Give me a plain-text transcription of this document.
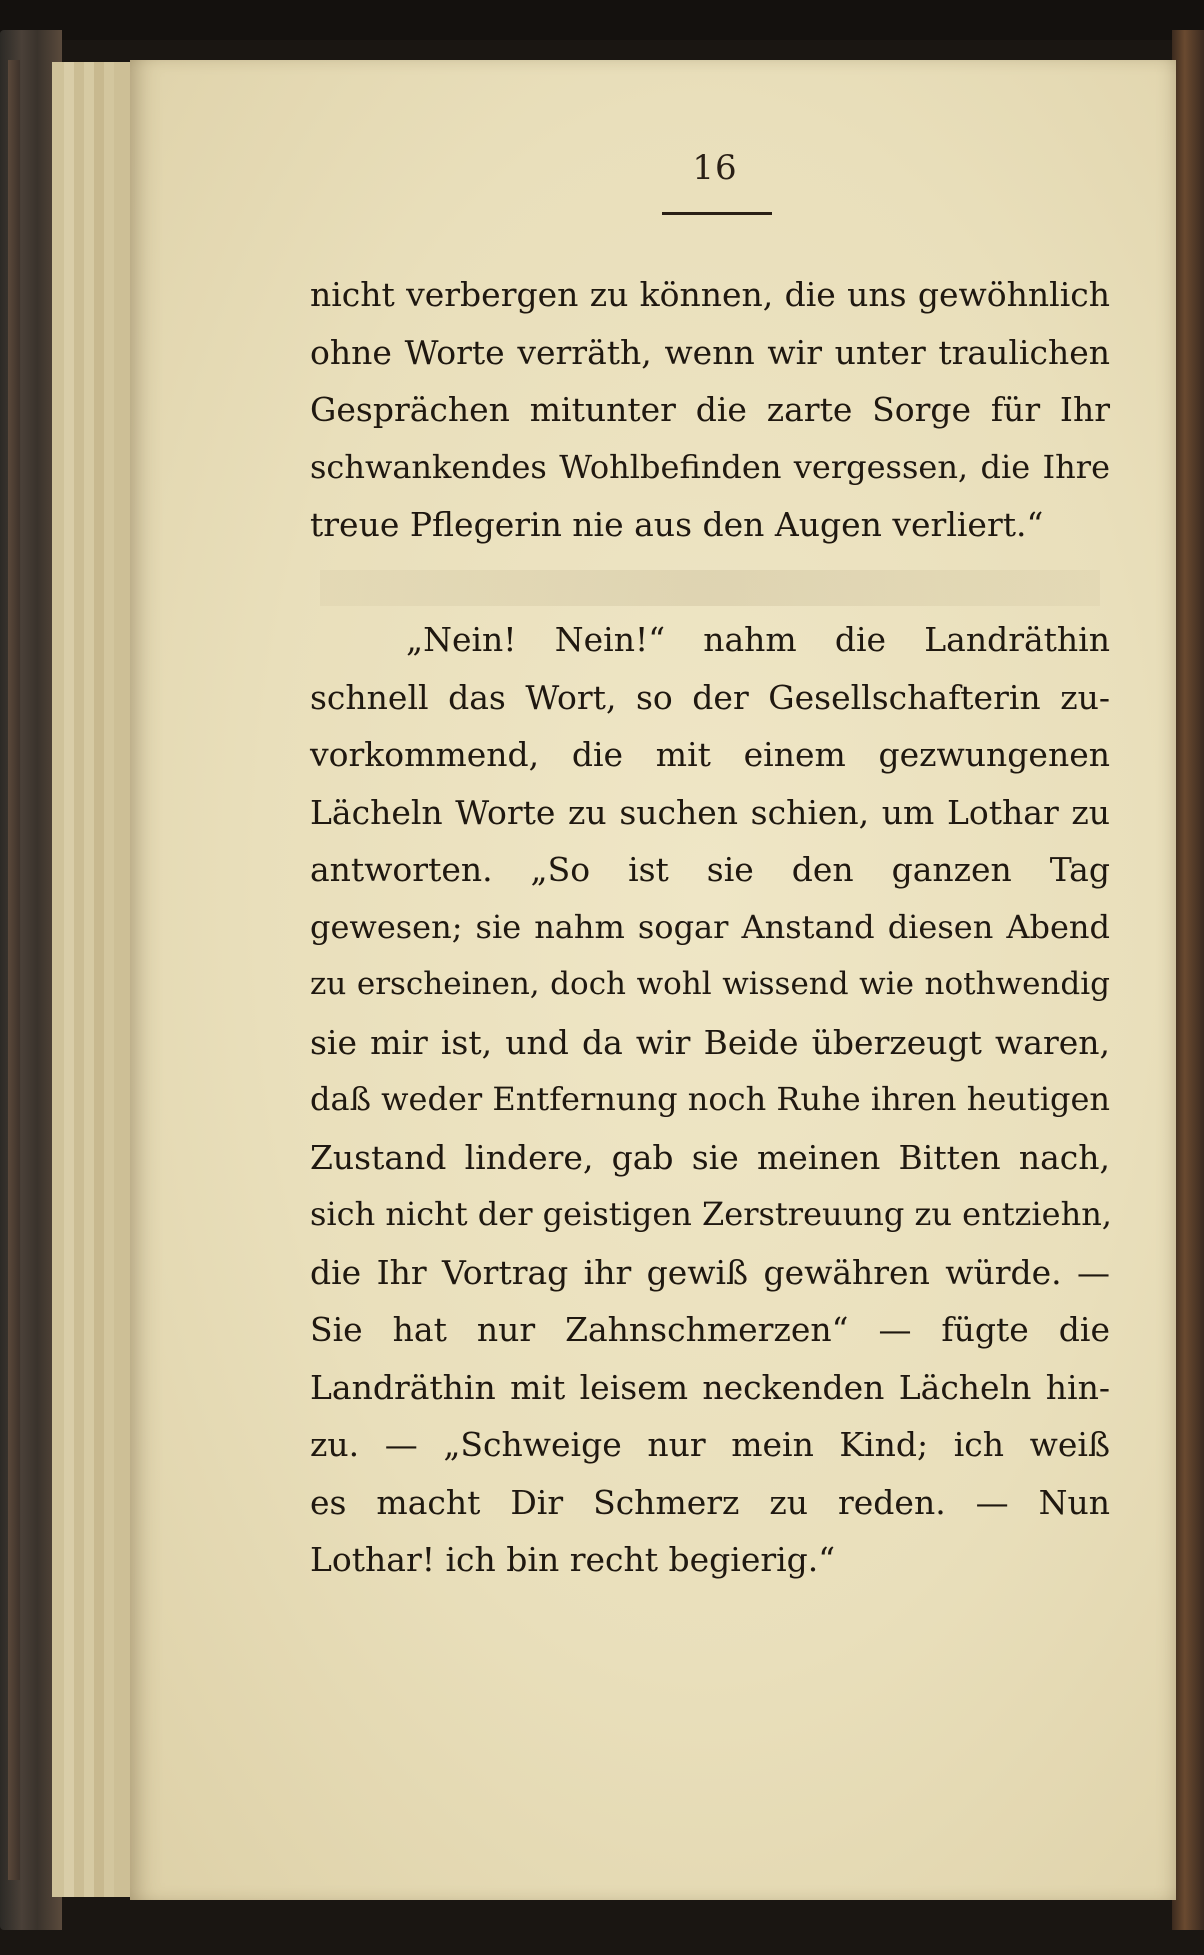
16
nicht verbergen zu können, die uns gewöhnlich
ohne Worte verräth, wenn wir unter traulichen
Gesprächen mitunter die zarte Sorge für Ihr
schwankendes Wohlbefinden vergessen, die Ihre
treue Pflegerin nie aus den Augen verliert.“
„Nein! Nein!“ nahm die Landräthin
schnell das Wort, so der Gesellschafterin zu-
vorkommend, die mit einem gezwungenen
Lächeln Worte zu suchen schien, um Lothar zu
antworten. „So ist sie den ganzen Tag
gewesen; sie nahm sogar Anstand diesen Abend
zu erscheinen, doch wohl wissend wie nothwendig
sie mir ist, und da wir Beide überzeugt waren,
daß weder Entfernung noch Ruhe ihren heutigen
Zustand lindere, gab sie meinen Bitten nach,
sich nicht der geistigen Zerstreuung zu entziehn,
die Ihr Vortrag ihr gewiß gewähren würde. —
Sie hat nur Zahnschmerzen“ — fügte die
Landräthin mit leisem neckenden Lächeln hin-
zu. — „Schweige nur mein Kind; ich weiß
es macht Dir Schmerz zu reden. — Nun
Lothar! ich bin recht begierig.“
